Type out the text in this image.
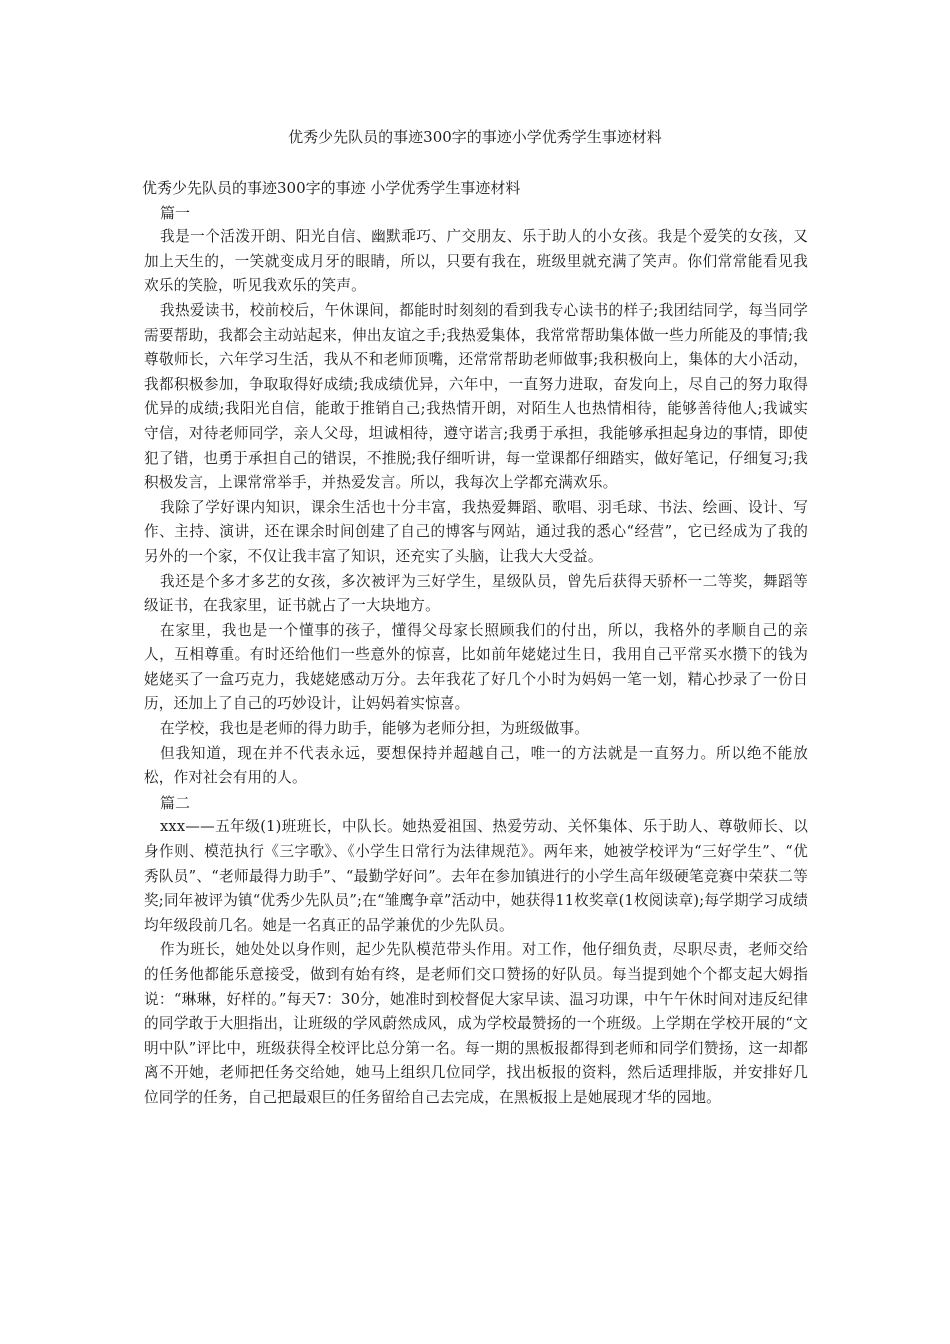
优秀少先队员的事迹300字的事迹小学优秀学生事迹材料

优秀少先队员的事迹300字的事迹 小学优秀学生事迹材料

篇一

我是一个活泼开朗、阳光自信、幽默乖巧、广交朋友、乐于助人的小女孩。我是个爱笑的女孩，又加上天生的，一笑就变成月牙的眼睛，所以，只要有我在，班级里就充满了笑声。你们常常能看见我欢乐的笑脸，听见我欢乐的笑声。

我热爱读书，校前校后，午休课间，都能时时刻刻的看到我专心读书的样子;我团结同学，每当同学需要帮助，我都会主动站起来，伸出友谊之手;我热爱集体，我常常帮助集体做一些力所能及的事情;我尊敬师长，六年学习生活，我从不和老师顶嘴，还常常帮助老师做事;我积极向上，集体的大小活动，我都积极参加，争取取得好成绩;我成绩优异，六年中，一直努力进取，奋发向上，尽自己的努力取得优异的成绩;我阳光自信，能敢于推销自己;我热情开朗，对陌生人也热情相待，能够善待他人;我诚实守信，对待老师同学，亲人父母，坦诚相待，遵守诺言;我勇于承担，我能够承担起身边的事情，即使犯了错，也勇于承担自己的错误，不推脱;我仔细听讲，每一堂课都仔细踏实，做好笔记，仔细复习;我积极发言，上课常常举手，并热爱发言。所以，我每次上学都充满欢乐。

我除了学好课内知识，课余生活也十分丰富，我热爱舞蹈、歌唱、羽毛球、书法、绘画、设计、写作、主持、演讲，还在课余时间创建了自己的博客与网站，通过我的悉心“经营”，它已经成为了我的另外的一个家，不仅让我丰富了知识，还充实了头脑，让我大大受益。

我还是个多才多艺的女孩，多次被评为三好学生，星级队员，曾先后获得天骄杯一二等奖，舞蹈等级证书，在我家里，证书就占了一大块地方。

在家里，我也是一个懂事的孩子，懂得父母家长照顾我们的付出，所以，我格外的孝顺自己的亲人，互相尊重。有时还给他们一些意外的惊喜，比如前年姥姥过生日，我用自己平常买水攒下的钱为姥姥买了一盒巧克力，我姥姥感动万分。去年我花了好几个小时为妈妈一笔一划，精心抄录了一份日历，还加上了自己的巧妙设计，让妈妈着实惊喜。

在学校，我也是老师的得力助手，能够为老师分担，为班级做事。

但我知道，现在并不代表永远，要想保持并超越自己，唯一的方法就是一直努力。所以绝不能放松，作对社会有用的人。

篇二

xxx——五年级(1)班班长，中队长。她热爱祖国、热爱劳动、关怀集体、乐于助人、尊敬师长、以身作则、模范执行《三字歌》、《小学生日常行为法律规范》。两年来，她被学校评为“三好学生”、“优秀队员”、“老师最得力助手”、“最勤学好问”。去年在参加镇进行的小学生高年级硬笔竞赛中荣获二等奖;同年被评为镇“优秀少先队员”;在“雏鹰争章”活动中，她获得11枚奖章(1枚阅读章);每学期学习成绩均年级段前几名。她是一名真正的品学兼优的少先队员。

作为班长，她处处以身作则，起少先队模范带头作用。对工作，他仔细负责，尽职尽责，老师交给的任务他都能乐意接受，做到有始有终，是老师们交口赞扬的好队员。每当提到她个个都支起大姆指说：“琳琳，好样的。”每天7：30分，她准时到校督促大家早读、温习功课，中午午休时间对违反纪律的同学敢于大胆指出，让班级的学风蔚然成风，成为学校最赞扬的一个班级。上学期在学校开展的“文明中队”评比中，班级获得全校评比总分第一名。每一期的黑板报都得到老师和同学们赞扬，这一却都离不开她，老师把任务交给她，她马上组织几位同学，找出板报的资料，然后适理排版，并安排好几位同学的任务，自己把最艰巨的任务留给自己去完成，在黑板报上是她展现才华的园地。
